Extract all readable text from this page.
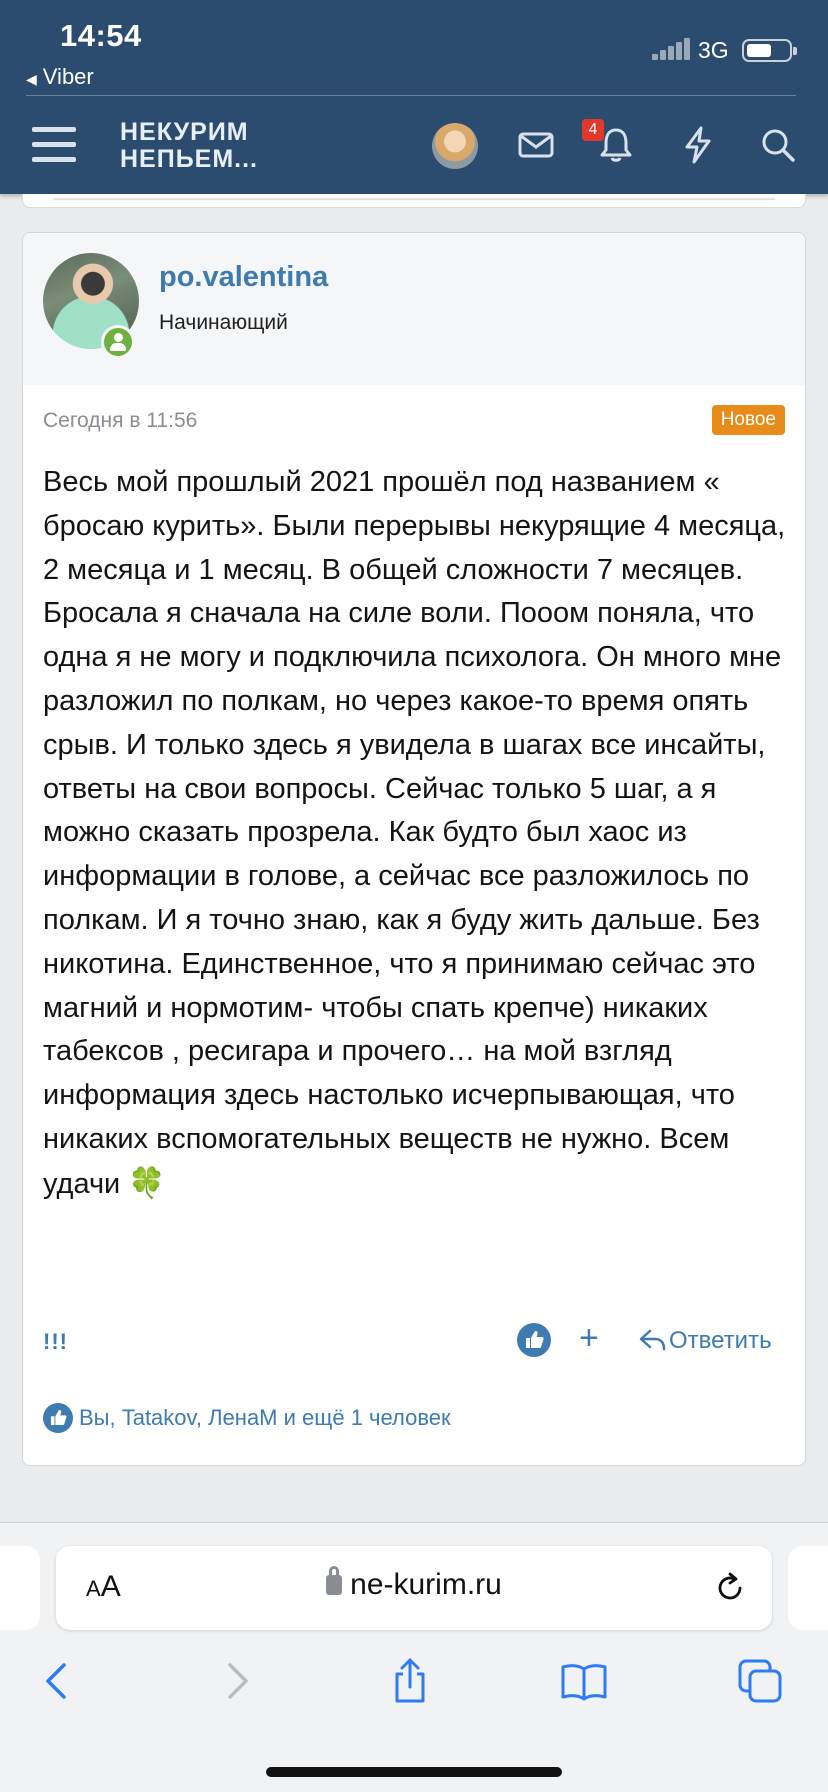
14:54
◀ Viber
3G
НЕКУРИМ
НЕПЬЕМ...
4
po.valentina
Начинающий
Сегодня в 11:56	Новое
Весь мой прошлый 2021 прошёл под названием « бросаю курить». Были перерывы некурящие 4 месяца, 2 месяца и 1 месяц. В общей сложности 7 месяцев. Бросала я сначала на силе воли. Пооом поняла, что одна я не могу и подключила психолога. Он много мне разложил по полкам, но через какое-то время опять срыв. И только здесь я увидела в шагах все инсайты, ответы на свои вопросы. Сейчас только 5 шаг, а я можно сказать прозрела. Как будто был хаос из информации в голове, а сейчас все разложилось по полкам. И я точно знаю, как я буду жить дальше. Без никотина. Единственное, что я принимаю сейчас это магний и нормотим- чтобы спать крепче) никаких табексов , ресигара и прочего… на мой взгляд информация здесь настолько исчерпывающая, что никаких вспомогательных веществ не нужно. Всем удачи 🍀
!!!	+	Ответить
Вы, Tatakov, ЛенаМ и ещё 1 человек
AA	ne-kurim.ru
